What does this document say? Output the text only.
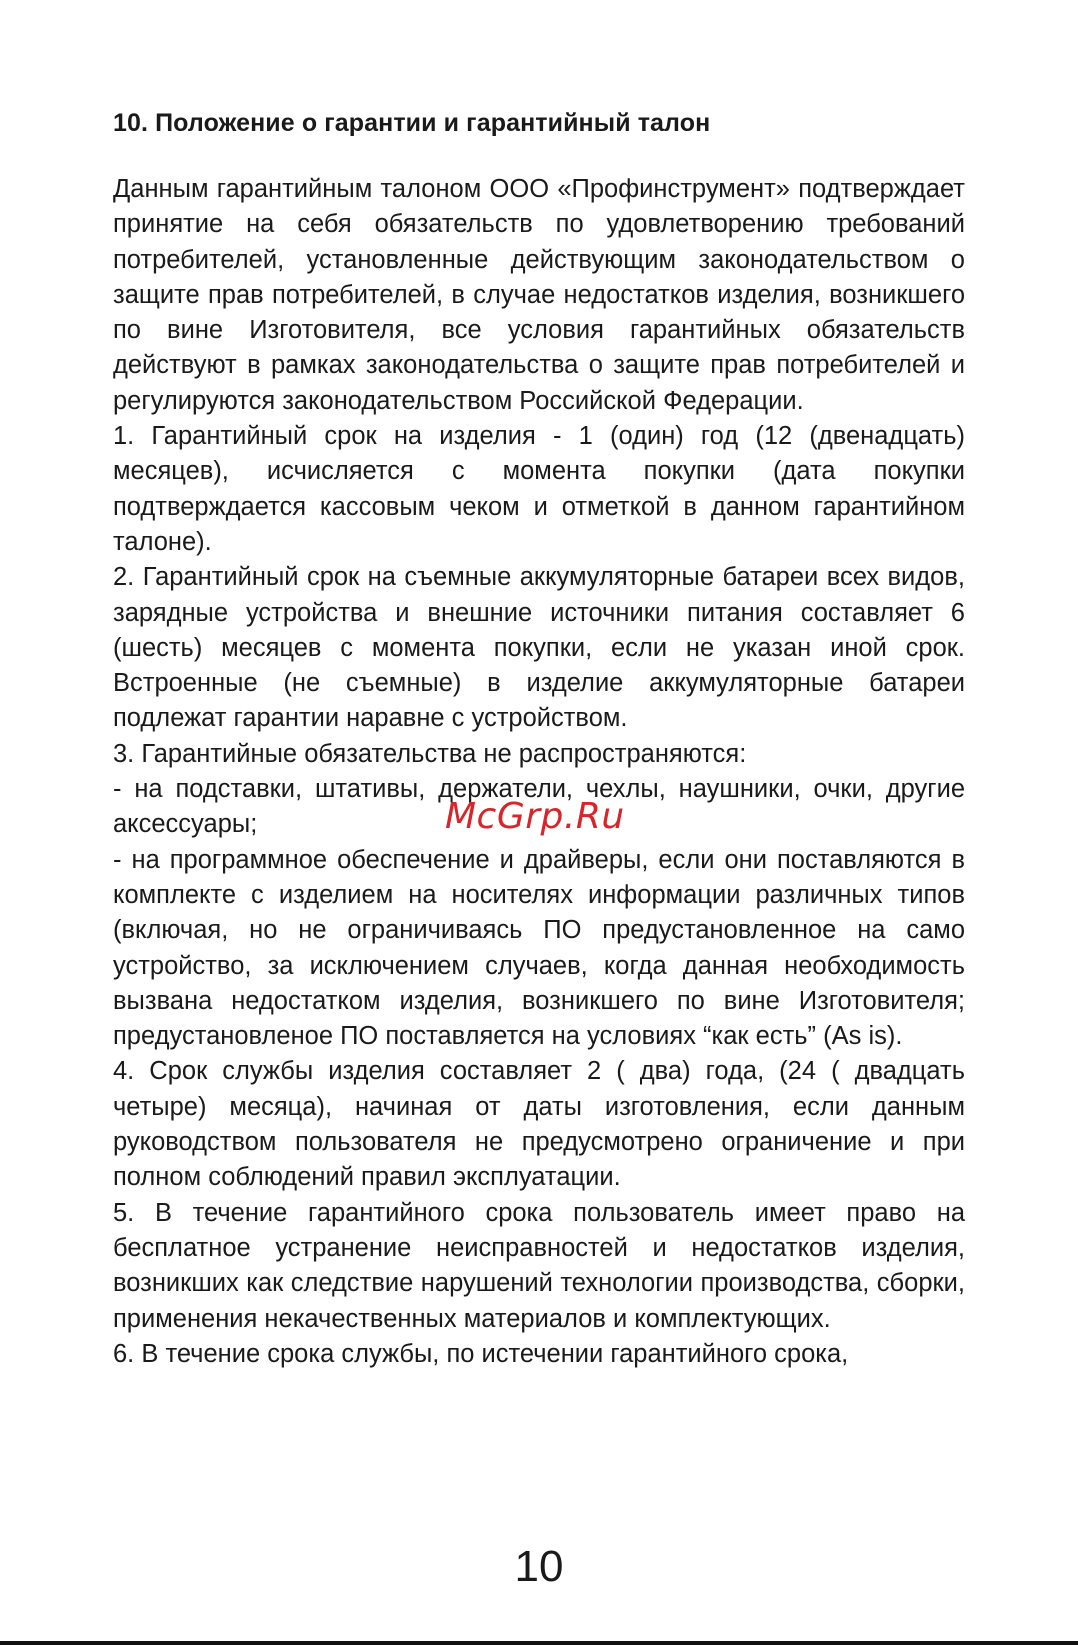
10. Положение о гарантии и гарантийный талон

Данным гарантийным талоном ООО «Профинструмент» подтверждает принятие на себя обязательств по удовлетворению требований потребителей, установленные действующим законодательством о защите прав потребителей, в случае недостатков изделия, возникшего по вине Изготовителя, все условия гарантийных обязательств действуют в рамках законодательства о защите прав потребителей и регулируются законодательством Российской Федерации.

1. Гарантийный срок на изделия - 1 (один) год (12 (двенадцать) месяцев), исчисляется с момента покупки (дата покупки подтверждается кассовым чеком и отметкой в данном гарантийном талоне).

2. Гарантийный срок на съемные аккумуляторные батареи всех видов, зарядные устройства и внешние источники питания составляет 6 (шесть) месяцев с момента покупки, если не указан иной срок. Встроенные (не съемные) в изделие аккумуляторные батареи подлежат гарантии наравне с устройством.

3. Гарантийные обязательства не распространяются:

- на подставки, штативы, держатели, чехлы, наушники, очки, другие аксессуары;

- на программное обеспечение и драйверы, если они поставляются в комплекте с изделием на носителях информации различных типов (включая, но не ограничиваясь ПО предустановленное на само устройство, за исключением случаев, когда данная необходимость вызвана недостатком изделия, возникшего по вине Изготовителя; предустановленое ПО поставляется на условиях “как есть” (As is).

4. Срок службы изделия составляет 2 ( два) года, (24 ( двадцать четыре) месяца), начиная от даты изготовления, если данным руководством пользователя не предусмотрено ограничение и при полном соблюдений правил эксплуатации.

5. В течение гарантийного срока пользователь имеет право на бесплатное устранение неисправностей и недостатков изделия, возникших как следствие нарушений технологии производства, сборки, применения некачественных материалов и комплектующих.

6. В течение срока службы, по истечении гарантийного срока,

McGrp.Ru
10
